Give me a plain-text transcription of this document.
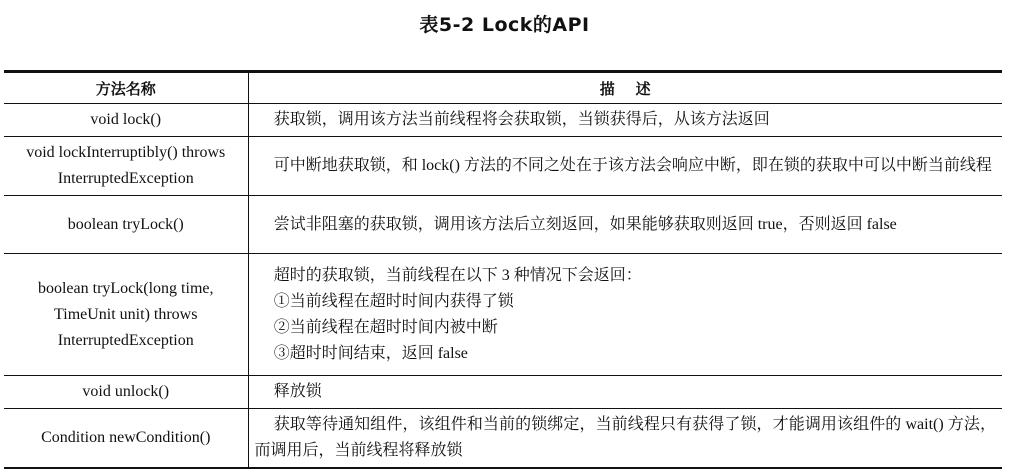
表5-2 Lock的API
方法名称	描    述
void lock()	获取锁，调用该方法当前线程将会获取锁，当锁获得后，从该方法返回
void lockInterruptibly() throws InterruptedException	可中断地获取锁，和 lock() 方法的不同之处在于该方法会响应中断，即在锁的获取中可以中断当前线程
boolean tryLock()	尝试非阻塞的获取锁，调用该方法后立刻返回，如果能够获取则返回 true，否则返回 false
boolean tryLock(long time, TimeUnit unit) throws InterruptedException	超时的获取锁，当前线程在以下 3 种情况下会返回：
①当前线程在超时时间内获得了锁
②当前线程在超时时间内被中断
③超时时间结束，返回 false

void unlock()	释放锁
Condition newCondition()	获取等待通知组件，该组件和当前的锁绑定，当前线程只有获得了锁，才能调用该组件的 wait() 方法，而调用后，当前线程将释放锁
